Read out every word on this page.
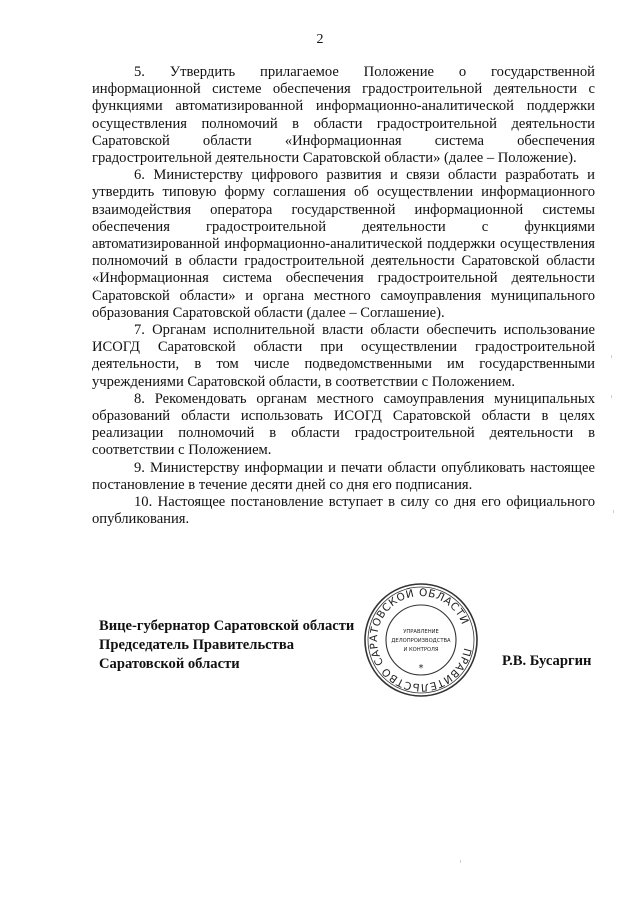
2

5. Утвердить прилагаемое Положение о государственной информационной системе обеспечения градостроительной деятельности с функциями автоматизированной информационно-аналитической поддержки осуществления полномочий в области градостроительной деятельности Саратовской области «Информационная система обеспечения градостроительной деятельности Саратовской области» (далее – Положение).

6. Министерству цифрового развития и связи области разработать и утвердить типовую форму соглашения об осуществлении информационного взаимодействия оператора государственной информационной системы обеспечения градостроительной деятельности с функциями автоматизированной информационно-аналитической поддержки осуществления полномочий в области градостроительной деятельности Саратовской области «Информационная система обеспечения градостроительной деятельности Саратовской области» и органа местного самоуправления муниципального образования Саратовской области (далее – Соглашение).

7. Органам исполнительной власти области обеспечить использование ИСОГД Саратовской области при осуществлении градостроительной деятельности, в том числе подведомственными им государственными учреждениями Саратовской области, в соответствии с Положением.

8. Рекомендовать органам местного самоуправления муниципальных образований области использовать ИСОГД Саратовской области в целях реализации полномочий в области градостроительной деятельности в соответствии с Положением.

9. Министерству информации и печати области опубликовать настоящее постановление в течение десяти дней со дня его подписания.

10. Настоящее постановление вступает в силу со дня его официального опубликования.

Вице-губернатор Саратовской области
Председатель Правительства
Саратовской области
ПРАВИТЕЛЬСТВО САРАТОВСКОЙ ОБЛАСТИ
*
УПРАВЛЕНИЕ
ДЕЛОПРОИЗВОДСТВА
И КОНТРОЛЯ
Р.В. Бусаргин
